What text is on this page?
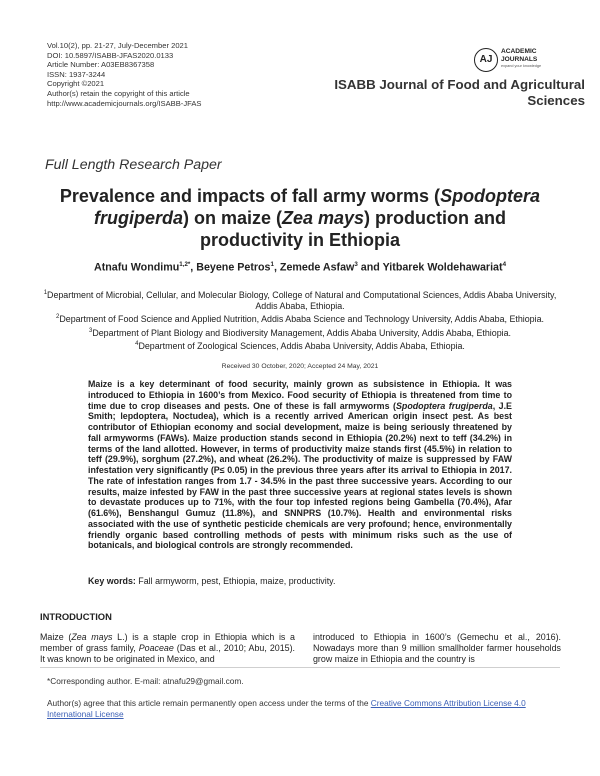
Vol.10(2), pp. 21-27, July-December 2021
DOI: 10.5897/ISABB-JFAS2020.0133
Article Number: A03EB8367358
ISSN: 1937-3244
Copyright ©2021
Author(s) retain the copyright of this article
http://www.academicjournals.org/ISABB-JFAS
AJ
ACADEMIC
JOURNALS
expand your knowledge
ISABB Journal of Food and Agricultural Sciences
Full Length Research Paper
Prevalence and impacts of fall army worms (Spodoptera frugiperda) on maize (Zea mays) production and productivity in Ethiopia
Atnafu Wondimu$^{1,2*}$, Beyene Petros$^1$, Zemede Asfaw$^3$ and Yitbarek Woldehawariat$^4$
$^1$Department of Microbial, Cellular, and Molecular Biology, College of Natural and Computational Sciences, Addis Ababa University, Addis Ababa, Ethiopia.
$^2$Department of Food Science and Applied Nutrition, Addis Ababa Science and Technology University, Addis Ababa, Ethiopia.
$^3$Department of Plant Biology and Biodiversity Management, Addis Ababa University, Addis Ababa, Ethiopia.
$^4$Department of Zoological Sciences, Addis Ababa University, Addis Ababa, Ethiopia.
Received 30 October, 2020; Accepted 24 May, 2021
Maize is a key determinant of food security, mainly grown as subsistence in Ethiopia. It was introduced to Ethiopia in 1600’s from Mexico. Food security of Ethiopia is threatened from time to time due to crop diseases and pests. One of these is fall armyworms (Spodoptera frugiperda, J.E Smith; lepdoptera, Noctudea), which is a recently arrived American origin insect pest. As best contributor of Ethiopian economy and social development, maize is being seriously threatened by fall armyworms (FAWs). Maize production stands second in Ethiopia (20.2%) next to teff (34.2%) in terms of the land allotted. However, in terms of productivity maize stands first (45.5%) in relation to teff (29.9%), sorghum (27.2%), and wheat (26.2%). The productivity of maize is suppressed by FAW infestation very significantly (P≤ 0.05) in the previous three years after its arrival to Ethiopia in 2017. The rate of infestation ranges from 1.7 - 34.5% in the past three successive years. According to our results, maize infested by FAW in the past three successive years at regional states levels is shown to devastate produces up to 71%, with the four top infested regions being Gambella (70.4%), Afar (61.6%), Benshangul Gumuz (11.8%), and SNNPRS (10.7%). Health and environmental risks associated with the use of synthetic pesticide chemicals are very profound; hence, environmentally friendly organic based controlling methods of pests with minimum risks such as the use of botanicals, and biological controls are strongly recommended.
Key words: Fall armyworm, pest, Ethiopia, maize, productivity.
INTRODUCTION
Maize (Zea mays L.) is a staple crop in Ethiopia which is a member of grass family, Poaceae (Das et al., 2010; Abu, 2015). It was known to be originated in Mexico, and
introduced to Ethiopia in 1600’s (Gemechu et al., 2016). Nowadays more than 9 million smallholder farmer households grow maize in Ethiopia and the country is
*Corresponding author. E-mail: atnafu29@gmail.com.
Author(s) agree that this article remain permanently open access under the terms of the Creative Commons Attribution License 4.0 International License
